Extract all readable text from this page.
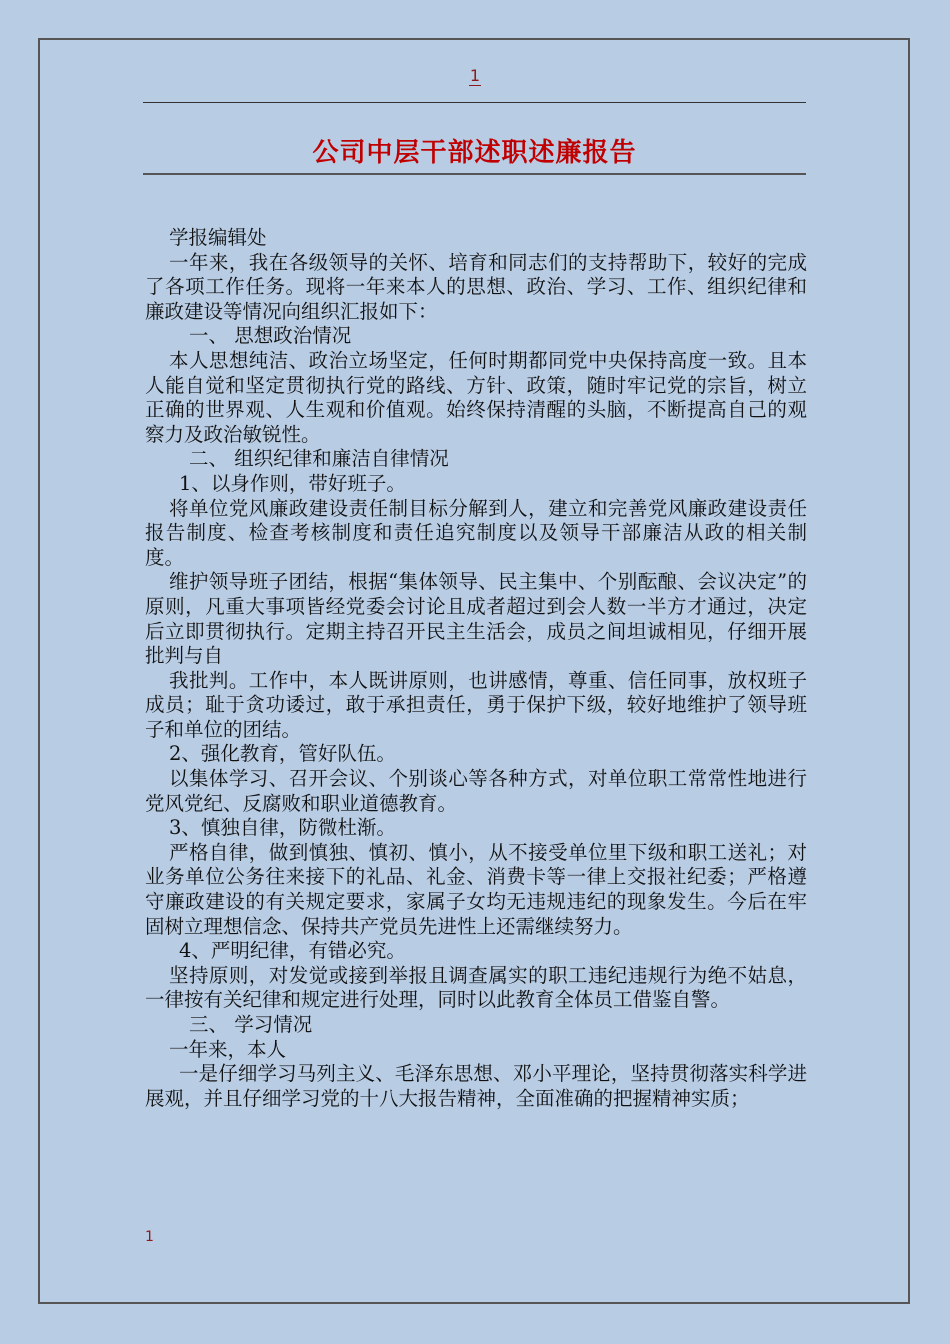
1
公司中层干部述职述廉报告

学报编辑处

一年来，我在各级领导的关怀、培育和同志们的支持帮助下，较好的完成了各项工作任务。现将一年来本人的思想、政治、学习、工作、组织纪律和廉政建设等情况向组织汇报如下：

一、 思想政治情况

本人思想纯洁、政治立场坚定，任何时期都同党中央保持高度一致。且本人能自觉和坚定贯彻执行党的路线、方针、政策，随时牢记党的宗旨，树立正确的世界观、人生观和价值观。始终保持清醒的头脑，不断提高自己的观察力及政治敏锐性。

二、 组织纪律和廉洁自律情况

1、以身作则，带好班子。

将单位党风廉政建设责任制目标分解到人，建立和完善党风廉政建设责任报告制度、检查考核制度和责任追究制度以及领导干部廉洁从政的相关制度。

维护领导班子团结，根据“集体领导、民主集中、个别酝酿、会议决定”的原则，凡重大事项皆经党委会讨论且成者超过到会人数一半方才通过，决定后立即贯彻执行。定期主持召开民主生活会，成员之间坦诚相见，仔细开展批判与自

我批判。工作中，本人既讲原则，也讲感情，尊重、信任同事，放权班子成员；耻于贪功诿过，敢于承担责任，勇于保护下级，较好地维护了领导班子和单位的团结。

2、强化教育，管好队伍。

以集体学习、召开会议、个别谈心等各种方式，对单位职工常常性地进行党风党纪、反腐败和职业道德教育。

3、慎独自律，防微杜渐。

严格自律，做到慎独、慎初、慎小，从不接受单位里下级和职工送礼；对业务单位公务往来接下的礼品、礼金、消费卡等一律上交报社纪委；严格遵守廉政建设的有关规定要求，家属子女均无违规违纪的现象发生。今后在牢固树立理想信念、保持共产党员先进性上还需继续努力。

4、严明纪律，有错必究。

坚持原则，对发觉或接到举报且调查属实的职工违纪违规行为绝不姑息，一律按有关纪律和规定进行处理，同时以此教育全体员工借鉴自警。

三、 学习情况

一年来，本人

一是仔细学习马列主义、毛泽东思想、邓小平理论，坚持贯彻落实科学进展观，并且仔细学习党的十八大报告精神，全面准确的把握精神实质；

1
